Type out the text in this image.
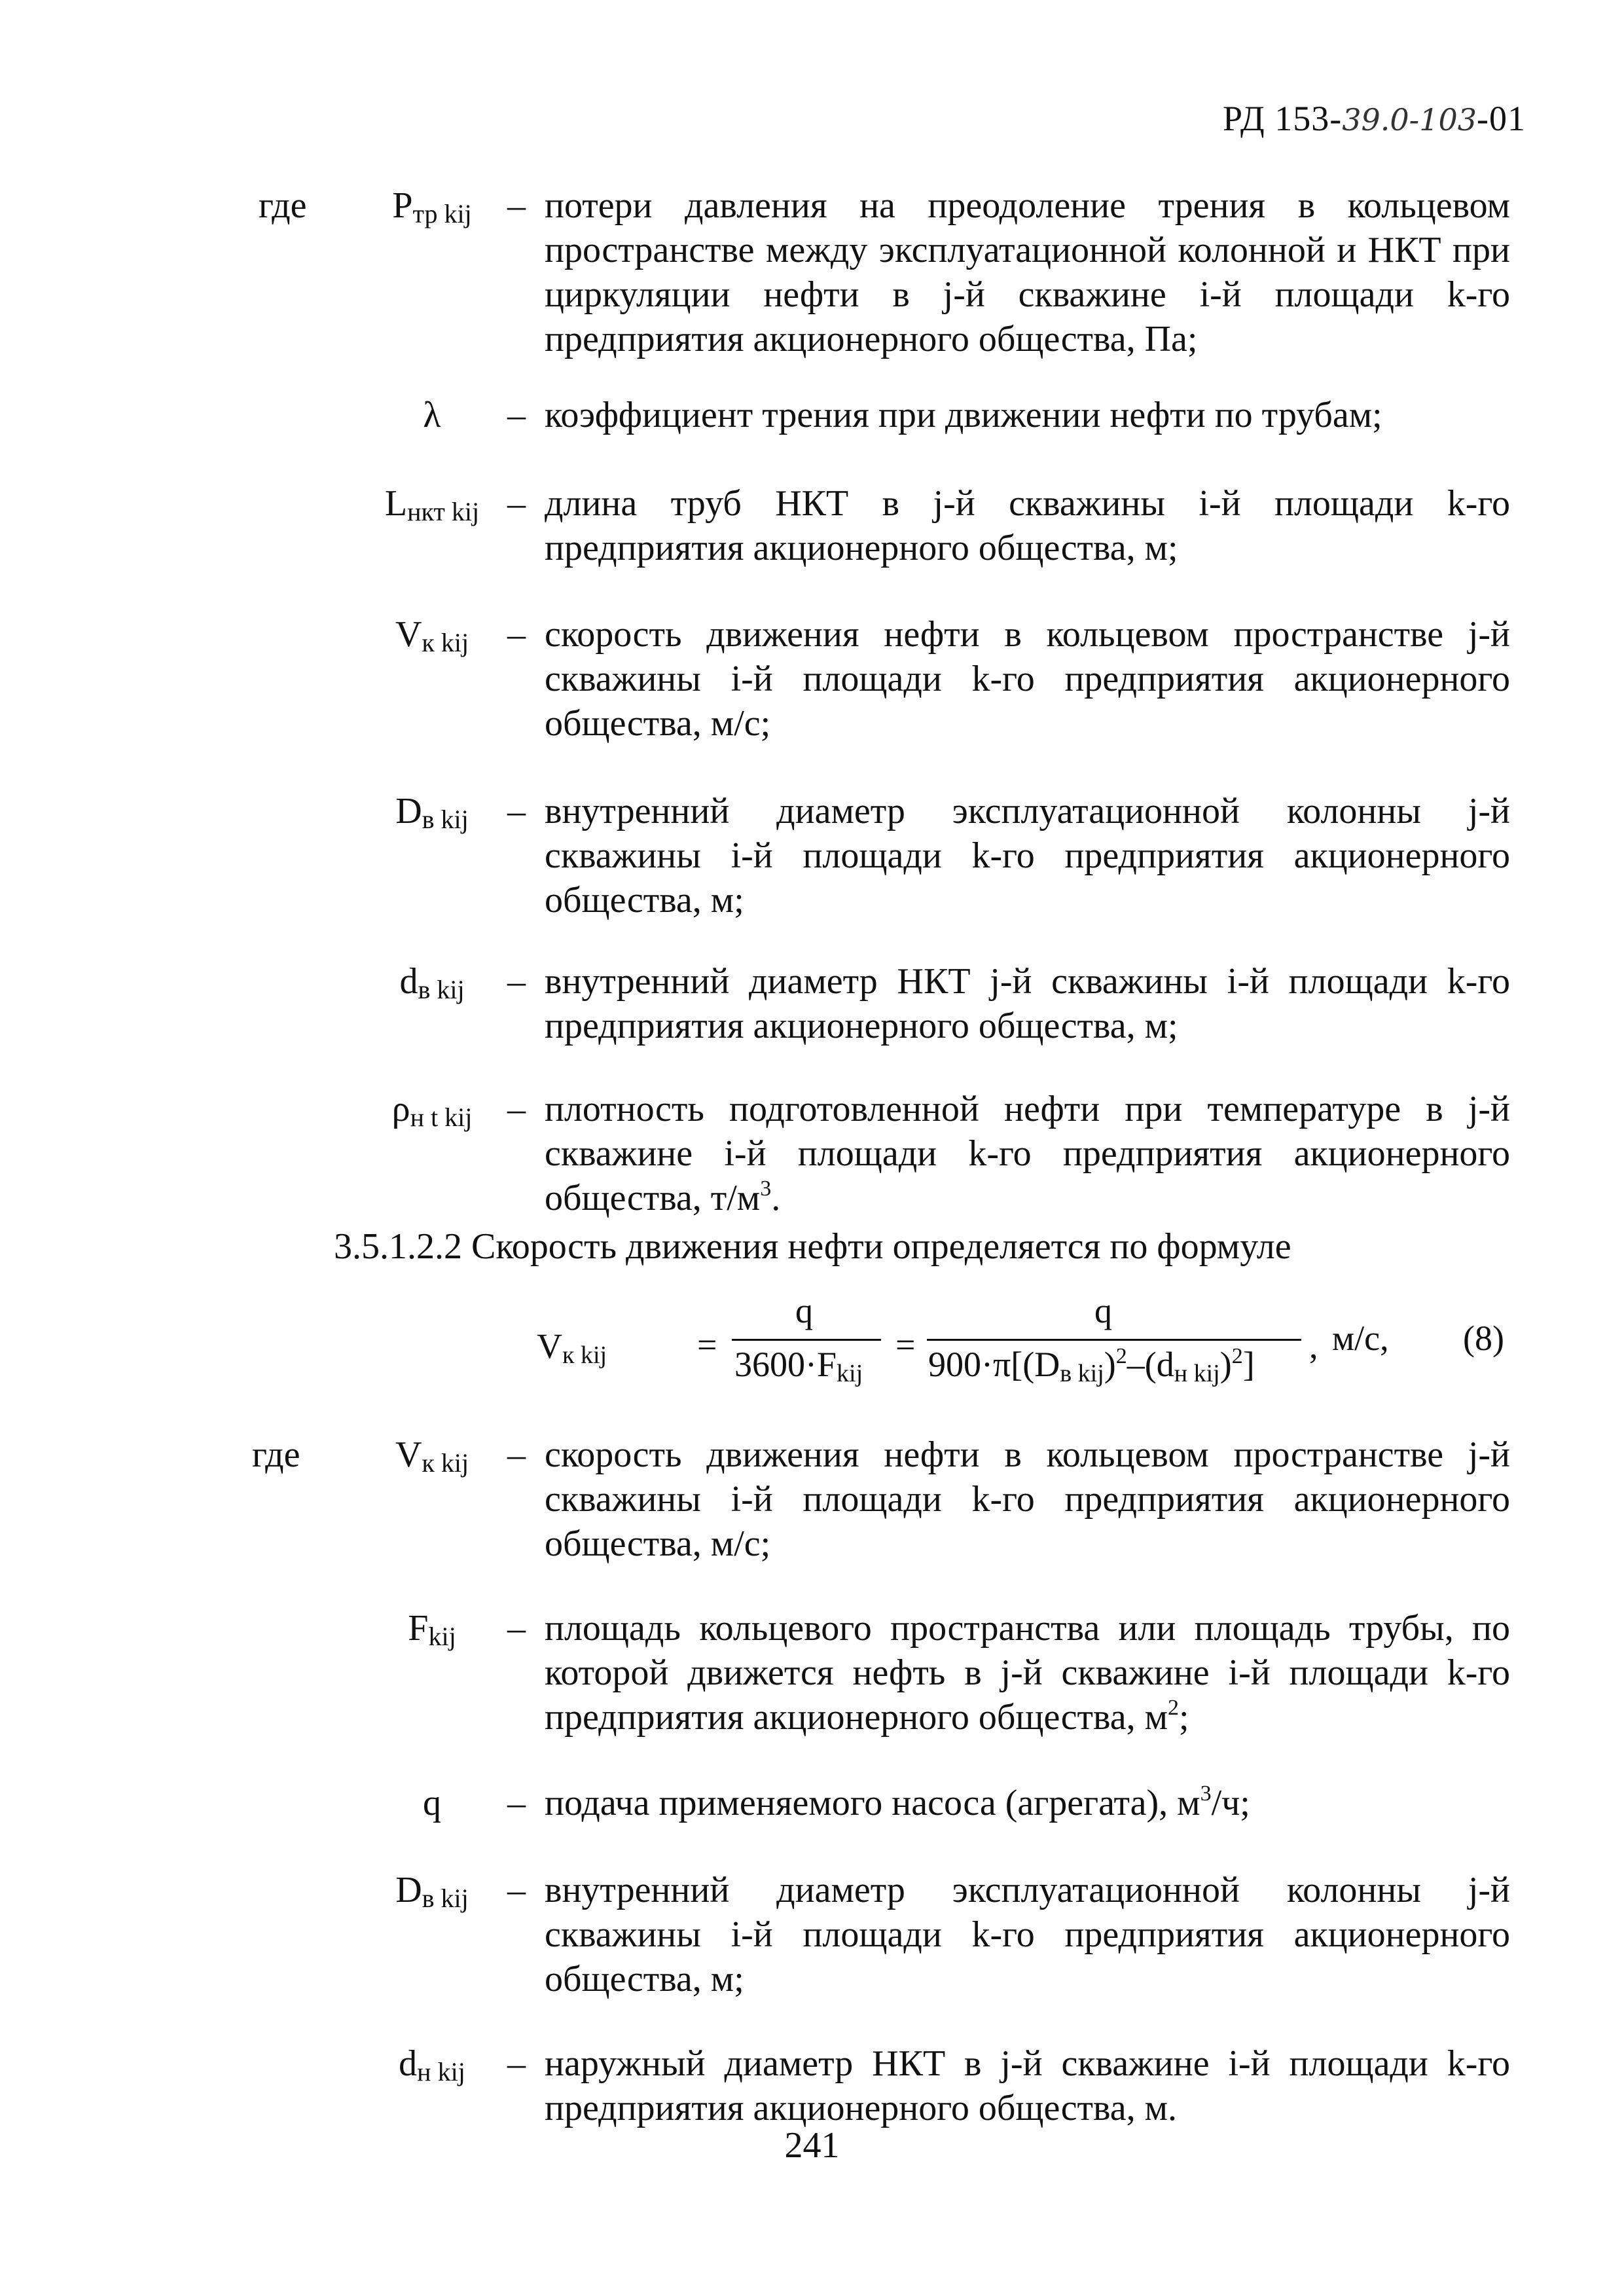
РД 153-39.0-103-01
где	$P_{тр kij}$ – потери давления на преодоление трения в кольцевом пространстве между эксплуатационной колонной и НКТ при циркуляции нефти в j-й скважине i-й площади k-го предприятия акционерного общества, Па;
λ	– коэффициент трения при движении нефти по трубам;
$L_{нкт kij}$ – длина труб НКТ в j-й скважины i-й площади k-го предприятия акционерного общества, м;
$V_{к kij}$	– скорость движения нефти в кольцевом пространстве j-й скважины i-й площади k-го предприятия акционерного общества, м/с;
$D_{в kij}$	– внутренний диаметр эксплуатационной колонны j-й скважины i-й площади k-го предприятия акционерного общества, м;
$d_{в kij}$	– внутренний диаметр НКТ j-й скважины i-й площади k-го предприятия акционерного общества, м;
$\rho_{н t kij}$ – плотность подготовленной нефти при температуре в j-й скважине i-й площади k-го предприятия акционерного общества, $т/м^3$.
3.5.1.2.2 Скорость движения нефти определяется по формуле
$V_{к kij}$	=
q
$3600\cdot F_{kij}$
=
q
$900\cdot\pi[(D_{в kij})^2-(d_{н kij})^2]$ , м/с, (8)
где	$V_{к kij}$	– скорость движения нефти в кольцевом пространстве j-й скважины i-й площади k-го предприятия акционерного общества, м/с;
$F_{kij}$	– площадь кольцевого пространства или площадь трубы, по которой движется нефть в j-й скважине i-й площади k-го предприятия акционерного общества, $м^2$;
q	– подача применяемого насоса (агрегата), $м^3/ч$;
$D_{в kij}$	– внутренний диаметр эксплуатационной колонны j-й скважины i-й площади k-го предприятия акционерного общества, м;
$d_{н kij}$	– наружный диаметр НКТ в j-й скважине i-й площади k-го предприятия акционерного общества, м.
241
